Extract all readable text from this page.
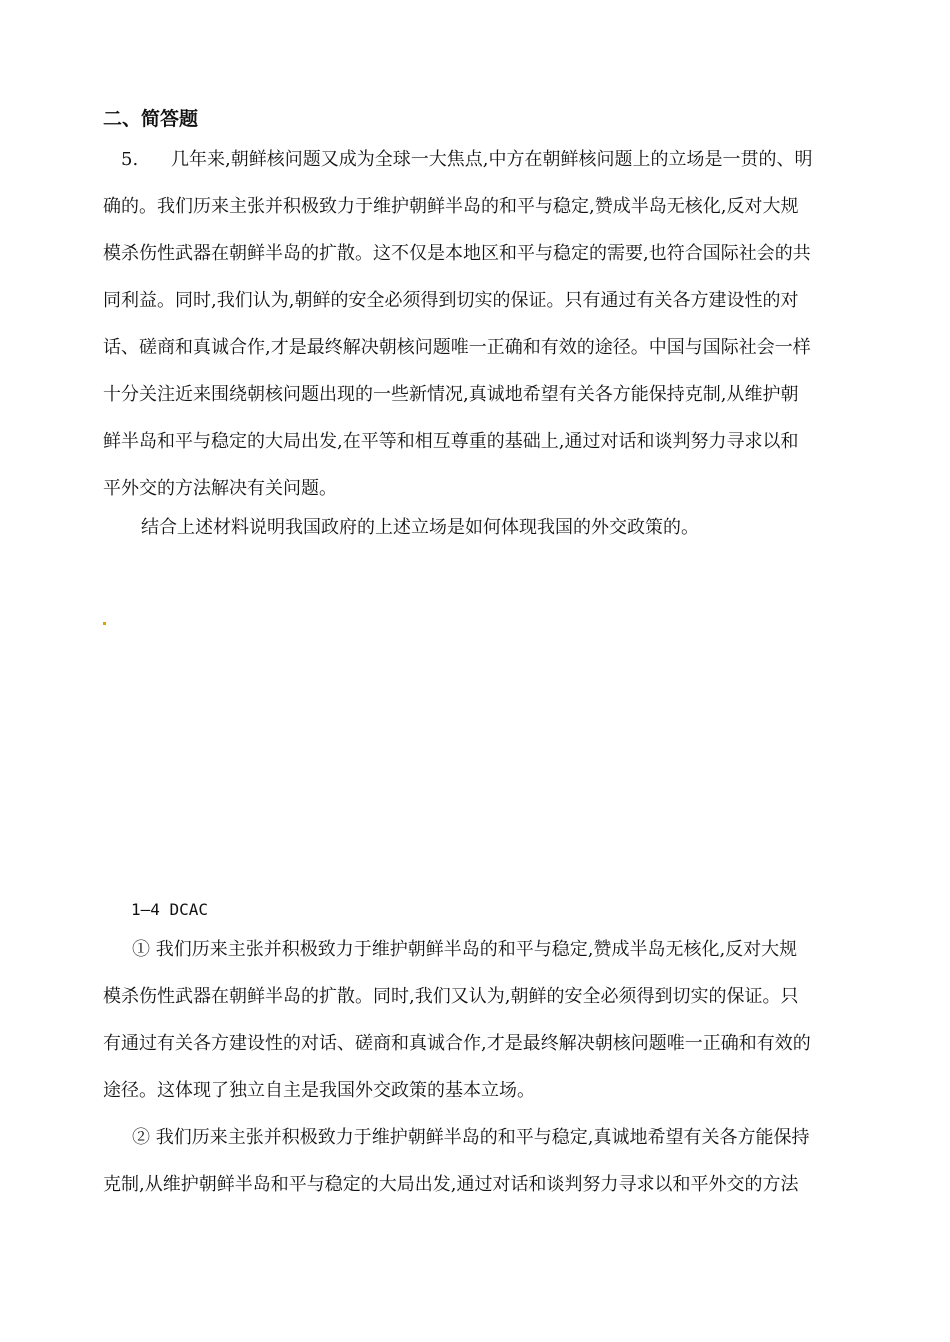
二、简答题
5. 几年来,朝鲜核问题又成为全球一大焦点,中方在朝鲜核问题上的立场是一贯的、明
确的。我们历来主张并积极致力于维护朝鲜半岛的和平与稳定,赞成半岛无核化,反对大规
模杀伤性武器在朝鲜半岛的扩散。这不仅是本地区和平与稳定的需要,也符合国际社会的共
同利益。同时,我们认为,朝鲜的安全必须得到切实的保证。只有通过有关各方建设性的对
话、磋商和真诚合作,才是最终解决朝核问题唯一正确和有效的途径。中国与国际社会一样
十分关注近来围绕朝核问题出现的一些新情况,真诚地希望有关各方能保持克制,从维护朝
鲜半岛和平与稳定的大局出发,在平等和相互尊重的基础上,通过对话和谈判努力寻求以和
平外交的方法解决有关问题。
结合上述材料说明我国政府的上述立场是如何体现我国的外交政策的。
1—4 DCAC
① 我们历来主张并积极致力于维护朝鲜半岛的和平与稳定,赞成半岛无核化,反对大规
模杀伤性武器在朝鲜半岛的扩散。同时,我们又认为,朝鲜的安全必须得到切实的保证。只
有通过有关各方建设性的对话、磋商和真诚合作,才是最终解决朝核问题唯一正确和有效的
途径。这体现了独立自主是我国外交政策的基本立场。
② 我们历来主张并积极致力于维护朝鲜半岛的和平与稳定,真诚地希望有关各方能保持
克制,从维护朝鲜半岛和平与稳定的大局出发,通过对话和谈判努力寻求以和平外交的方法
